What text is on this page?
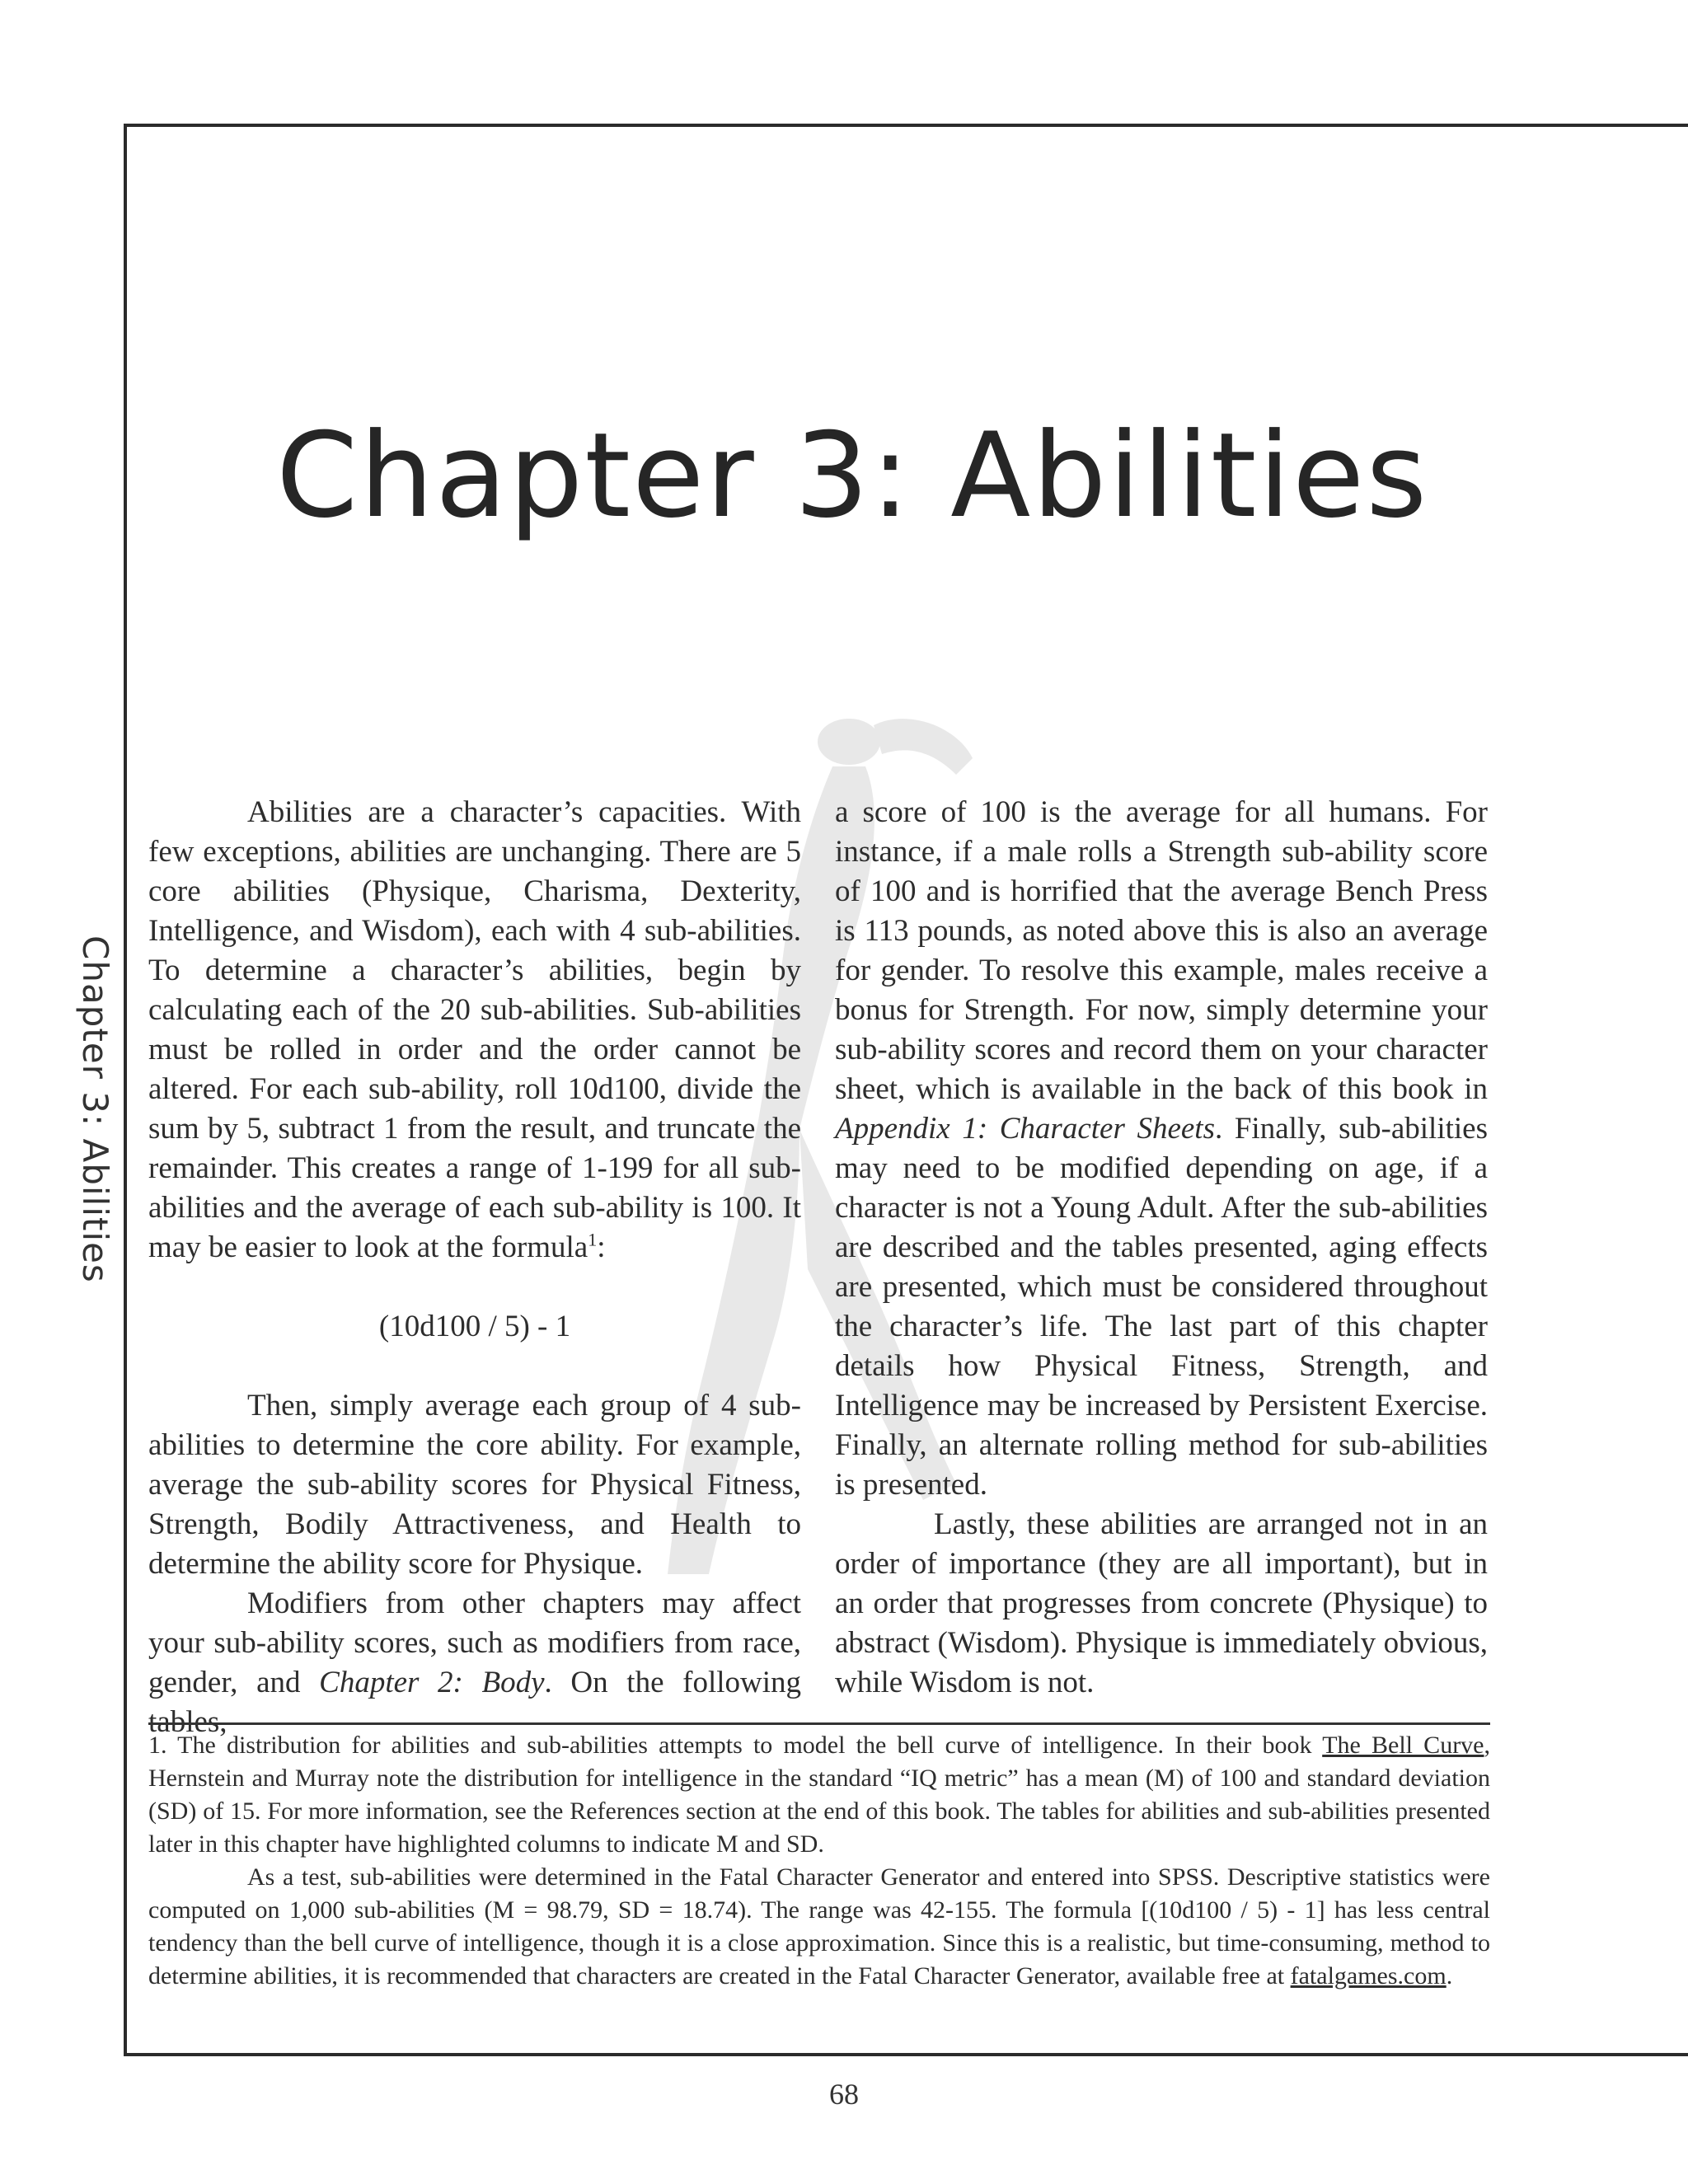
Chapter 3: Abilities
Chapter 3: Abilities

Abilities are a character’s capacities. With few exceptions, abilities are unchanging. There are 5 core abilities (Physique, Charisma, Dexterity, Intelligence, and Wisdom), each with 4 sub-abilities. To determine a character’s abilities, begin by calculating each of the 20 sub-abilities. Sub-abilities must be rolled in order and the order cannot be altered. For each sub-ability, roll 10d100, divide the sum by 5, subtract 1 from the result, and truncate the remainder. This creates a range of 1-199 for all sub-abilities and the average of each sub-ability is 100. It may be easier to look at the formula$^1$:

(10d100 / 5) - 1

Then, simply average each group of 4 sub-abilities to determine the core ability. For example, average the sub-ability scores for Physical Fitness, Strength, Bodily Attractiveness, and Health to determine the ability score for Physique.

Modifiers from other chapters may affect your sub-ability scores, such as modifiers from race, gender, and Chapter 2: Body. On the following tables,

a score of 100 is the average for all humans. For instance, if a male rolls a Strength sub-ability score of 100 and is horrified that the average Bench Press is 113 pounds, as noted above this is also an average for gender. To resolve this example, males receive a bonus for Strength. For now, simply determine your sub-ability scores and record them on your character sheet, which is available in the back of this book in Appendix 1: Character Sheets. Finally, sub-abilities may need to be modified depending on age, if a character is not a Young Adult. After the sub-abilities are described and the tables presented, aging effects are presented, which must be considered throughout the character’s life. The last part of this chapter details how Physical Fitness, Strength, and Intelligence may be increased by Persistent Exercise. Finally, an alternate rolling method for sub-abilities is presented.

Lastly, these abilities are arranged not in an order of importance (they are all important), but in an order that progresses from concrete (Physique) to abstract (Wisdom). Physique is immediately obvious, while Wisdom is not.

1. The distribution for abilities and sub-abilities attempts to model the bell curve of intelligence. In their book The Bell Curve, Hernstein and Murray note the distribution for intelligence in the standard “IQ metric” has a mean (M) of 100 and standard deviation (SD) of 15. For more information, see the References section at the end of this book. The tables for abilities and sub-abilities presented later in this chapter have highlighted columns to indicate M and SD.

As a test, sub-abilities were determined in the Fatal Character Generator and entered into SPSS. Descriptive statistics were computed on 1,000 sub-abilities (M = 98.79, SD = 18.74). The range was 42-155. The formula [(10d100 / 5) - 1] has less central tendency than the bell curve of intelligence, though it is a close approximation. Since this is a realistic, but time-consuming, method to determine abilities, it is recommended that characters are created in the Fatal Character Generator, available free at fatalgames.com.

68
